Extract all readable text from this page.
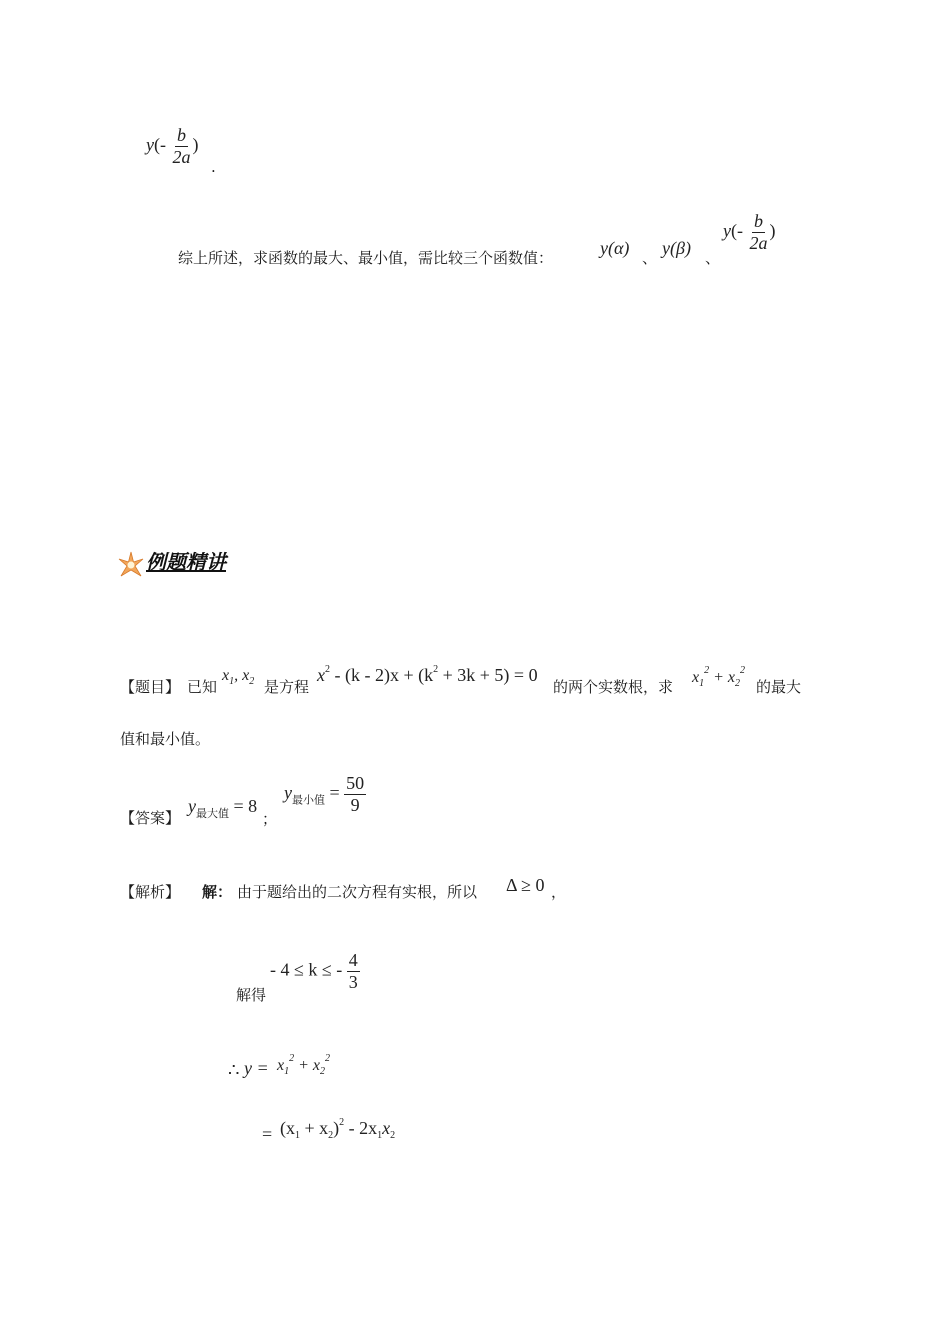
$y(- \frac{b}{2a}$ )
.
综上所述，求函数的最大、最小值，需比较三个函数值：	y(α) 、 y(β) 、
$y(- \frac{b}{2a}$ )
例题精讲
【题目】 已知
$x_1$, $x_2$ 是方程
$x^2 - (k - 2)x + (k^2 + 3k + 5) = 0$
的两个实数根，求
$x_1^2 + x_2^2$
的最大
值和最小值。
【答案】
$y_{最大值} = 8$
；
$y_{最小值} = \frac{50}{9}$
【解析】 解： 由于题给出的二次方程有实根，所以 Δ ≥ 0 ，
解得
- 4 ≤ k ≤ - $\frac{4}{3}$
∴ $y = x_1^2 + x_2^2$
= $(x_1 + x_2)^2 - 2x_1x_2$
